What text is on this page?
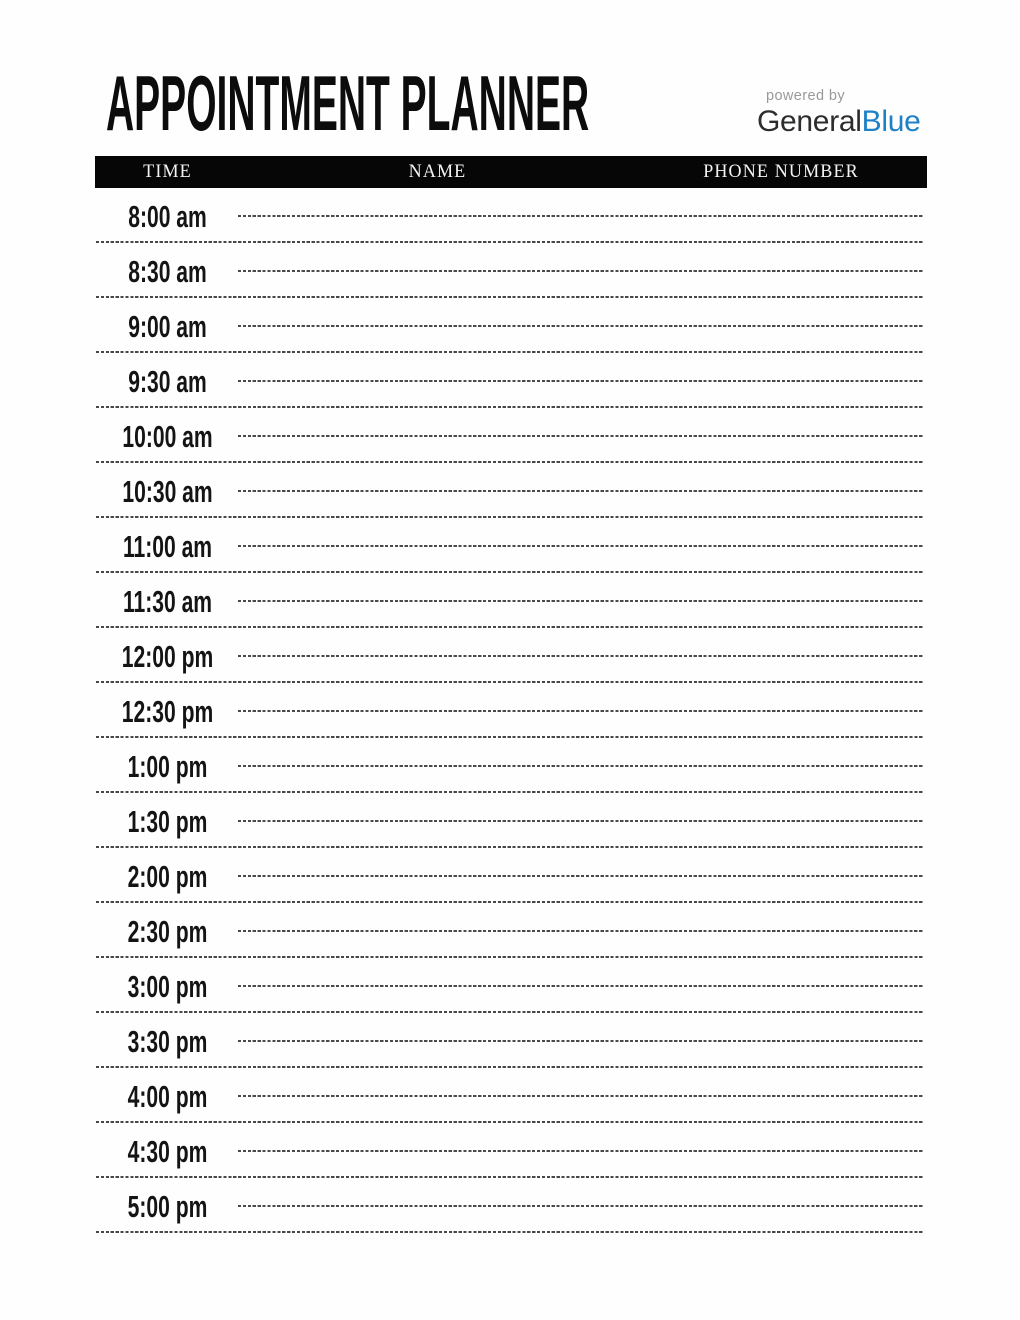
APPOINTMENT PLANNER	powered by
GeneralBlue
TIME	NAME	PHONE NUMBER
8:00 am
8:30 am
9:00 am
9:30 am
10:00 am
10:30 am
11:00 am
11:30 am
12:00 pm
12:30 pm
1:00 pm
1:30 pm
2:00 pm
2:30 pm
3:00 pm
3:30 pm
4:00 pm
4:30 pm
5:00 pm
